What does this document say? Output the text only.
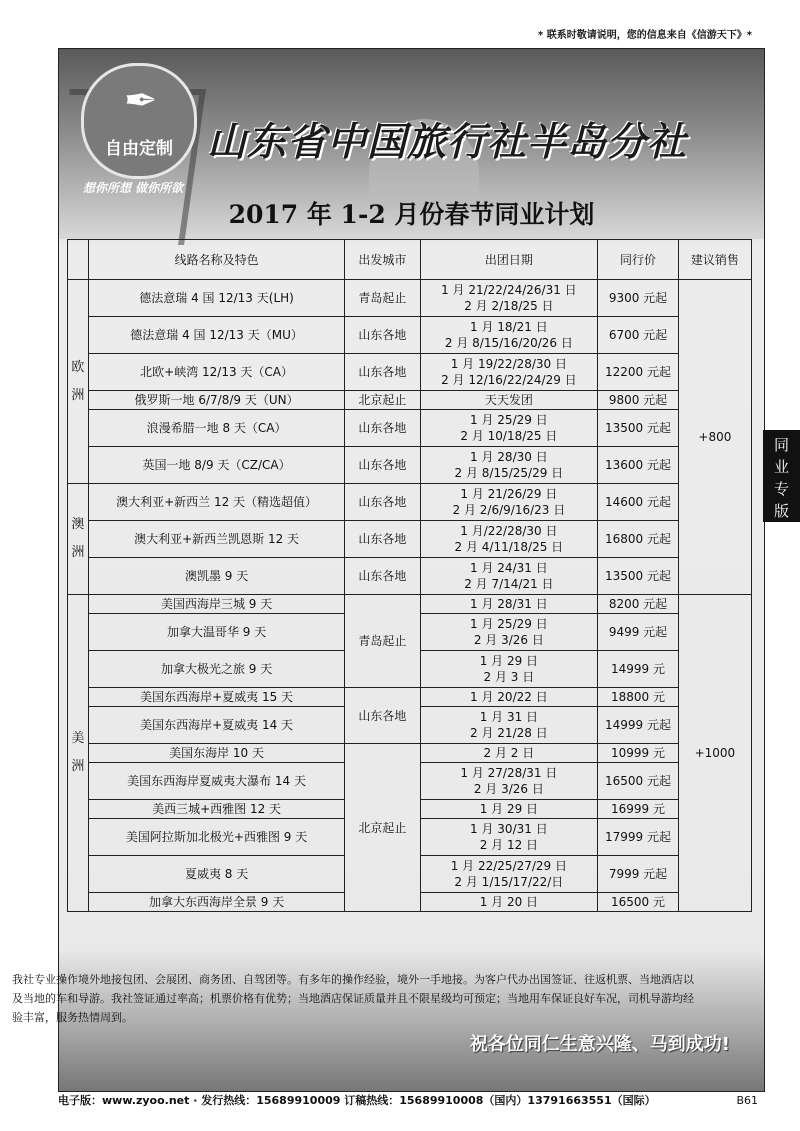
* 联系时敬请说明，您的信息来自《信游天下》*
✒
自由定制
想你所想 做你所欲
山东省中国旅行社半岛分社
2017 年 1-2 月份春节同业计划
	线路名称及特色	出发城市	出团日期	同行价	建议销售
欧
洲	德法意瑞 4 国 12/13 天(LH)	青岛起止	1 月 21/22/24/26/31 日
2 月 2/18/25 日	9300 元起	+800
	德法意瑞 4 国 12/13 天（MU）	山东各地	1 月 18/21 日
2 月 8/15/16/20/26 日	6700 元起	
	北欧+峡湾 12/13 天（CA）	山东各地	1 月 19/22/28/30 日
2 月 12/16/22/24/29 日	12200 元起	
	俄罗斯一地 6/7/8/9 天（UN）	北京起止	天天发团	9800 元起	
	浪漫希腊一地 8 天（CA）	山东各地	1 月 25/29 日
2 月 10/18/25 日	13500 元起	
	英国一地 8/9 天（CZ/CA）	山东各地	1 月 28/30 日
2 月 8/15/25/29 日	13600 元起	
澳
洲	澳大利亚+新西兰 12 天（精选超值）	山东各地	1 月 21/26/29 日
2 月 2/6/9/16/23 日	14600 元起	
	澳大利亚+新西兰凯恩斯 12 天	山东各地	1 月/22/28/30 日
2 月 4/11/18/25 日	16800 元起	
	澳凯墨 9 天	山东各地	1 月 24/31 日
2 月 7/14/21 日	13500 元起	
美
洲	美国西海岸三城 9 天	青岛起止	1 月 28/31 日	8200 元起	+1000
	加拿大温哥华 9 天		1 月 25/29 日
2 月 3/26 日	9499 元起	
	加拿大极光之旅 9 天		1 月 29 日
2 月 3 日	14999 元	
	美国东西海岸+夏威夷 15 天	山东各地	1 月 20/22 日	18800 元	
	美国东西海岸+夏威夷 14 天		1 月 31 日
2 月 21/28 日	14999 元起	
	美国东海岸 10 天	北京起止	2 月 2 日	10999 元	
	美国东西海岸夏威夷大瀑布 14 天		1 月 27/28/31 日
2 月 3/26 日	16500 元起	
	美西三城+西雅图 12 天		1 月 29 日	16999 元	
	美国阿拉斯加北极光+西雅图 9 天		1 月 30/31 日
2 月 12 日	17999 元起	
	夏威夷 8 天		1 月 22/25/27/29 日
2 月 1/15/17/22/日	7999 元起	
	加拿大东西海岸全景 9 天		1 月 20 日	16500 元	
同
业
专
版
我社专业操作境外地接包团、会展团、商务团、自驾团等。有多年的操作经验，境外一手地接。为客户代办出国签证、往返机票、当地酒店以及当地的车和导游。我社签证通过率高；机票价格有优势；当地酒店保证质量并且不限星级均可预定；当地用车保证良好车况，司机导游均经验丰富，服务热情周到。
祝各位同仁生意兴隆、马到成功!
电子版：www.zyoo.net · 发行热线：15689910009 订稿热线：15689910008（国内）13791663551（国际）	B61
